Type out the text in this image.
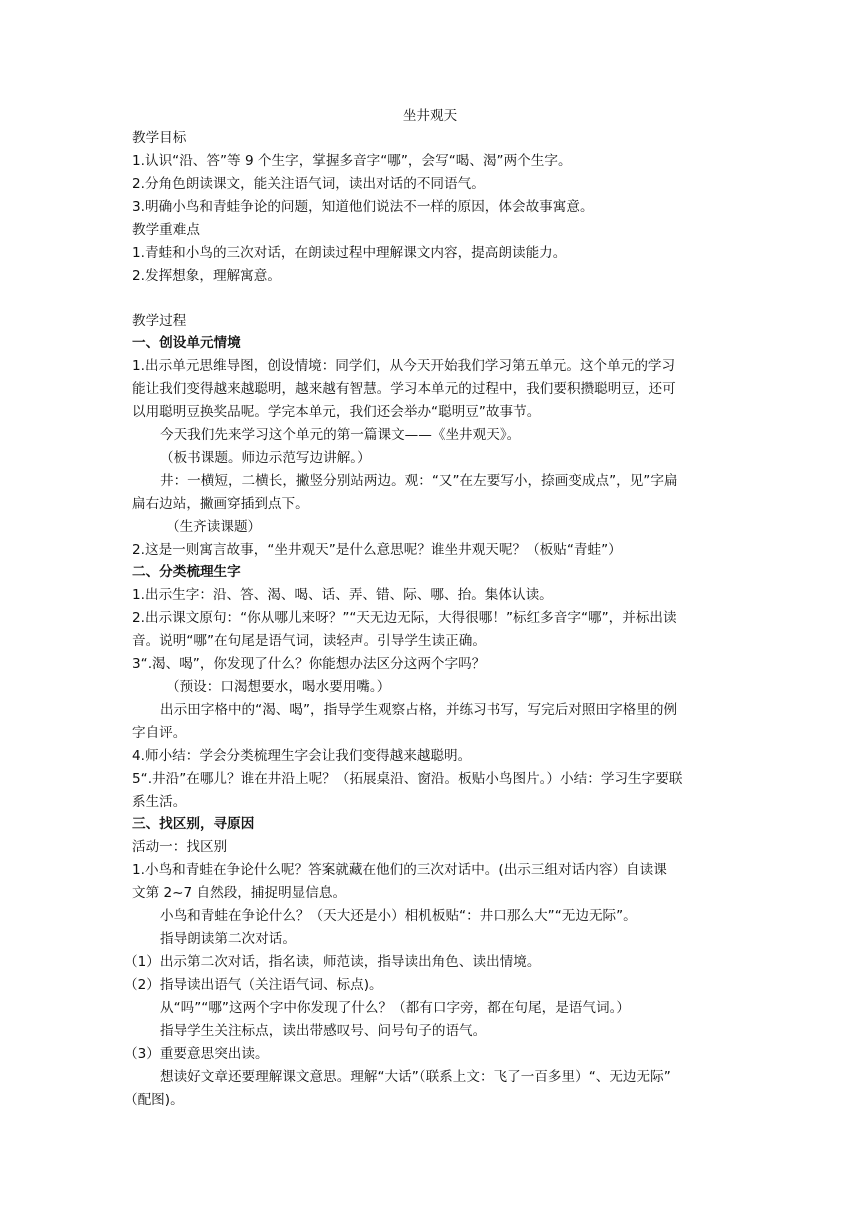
坐井观天
教学目标
1.认识“沿、答”等 9 个生字，掌握多音字“哪”，会写“喝、渴”两个生字。
2.分角色朗读课文，能关注语气词，读出对话的不同语气。
3.明确小鸟和青蛙争论的问题，知道他们说法不一样的原因，体会故事寓意。
教学重难点
1.青蛙和小鸟的三次对话，在朗读过程中理解课文内容，提高朗读能力。
2.发挥想象，理解寓意。
教学过程
一、创设单元情境
1.出示单元思维导图，创设情境：同学们，从今天开始我们学习第五单元。这个单元的学习
能让我们变得越来越聪明，越来越有智慧。学习本单元的过程中，我们要积攒聪明豆，还可
以用聪明豆换奖品呢。学完本单元，我们还会举办“聪明豆”故事节。
今天我们先来学习这个单元的第一篇课文——《坐井观天》。
（板书课题。师边示范写边讲解。）
井：一横短，二横长，撇竖分别站两边。观：“又”在左要写小，捺画变成点”，见”字扁
扁右边站，撇画穿插到点下。
（生齐读课题）
2.这是一则寓言故事，“坐井观天”是什么意思呢？谁坐井观天呢？（板贴“青蛙”）
二、分类梳理生字
1.出示生字：沿、答、渴、喝、话、弄、错、际、哪、抬。集体认读。
2.出示课文原句：“你从哪儿来呀？”“天无边无际，大得很哪！”标红多音字“哪”，并标出读
音。说明“哪”在句尾是语气词，读轻声。引导学生读正确。
3“.渴、喝”，你发现了什么？你能想办法区分这两个字吗？
（预设：口渴想要水，喝水要用嘴。）
出示田字格中的“渴、喝”，指导学生观察占格，并练习书写，写完后对照田字格里的例
字自评。
4.师小结：学会分类梳理生字会让我们变得越来越聪明。
5“.井沿”在哪儿？谁在井沿上呢？（拓展桌沿、窗沿。板贴小鸟图片。）小结：学习生字要联
系生活。
三、找区别，寻原因
活动一：找区别
1.小鸟和青蛙在争论什么呢？答案就藏在他们的三次对话中。(出示三组对话内容）自读课
文第 2~7 自然段，捕捉明显信息。
小鸟和青蛙在争论什么？（天大还是小）相机板贴“：井口那么大”“无边无际”。
指导朗读第二次对话。
（1）出示第二次对话，指名读，师范读，指导读出角色、读出情境。
（2）指导读出语气（关注语气词、标点)。
从“吗”“哪”这两个字中你发现了什么？（都有口字旁，都在句尾，是语气词。）
指导学生关注标点，读出带感叹号、问号句子的语气。
（3）重要意思突出读。
想读好文章还要理解课文意思。理解“大话”（联系上文：飞了一百多里）“、无边无际”
（配图)。
